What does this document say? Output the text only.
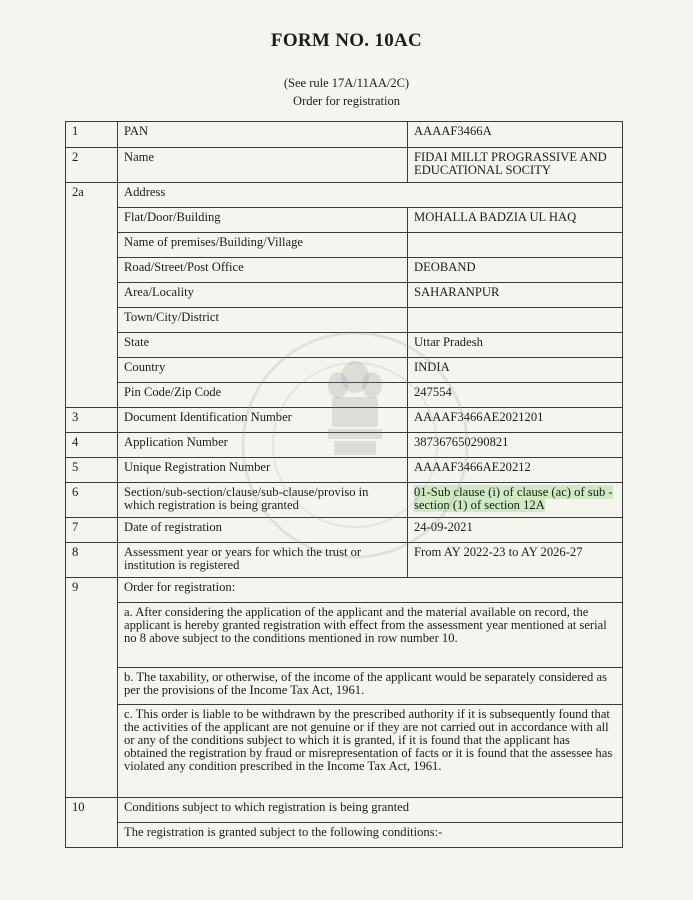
FORM NO. 10AC
(See rule 17A/11AA/2C)
Order for registration
1	PAN	AAAAF3466A
2	Name	FIDAI MILLT PROGRASSIVE AND EDUCATIONAL SOCITY
2a	Address	
	Flat/Door/Building	MOHALLA BADZIA UL HAQ
	Name of premises/Building/Village	
	Road/Street/Post Office	DEOBAND
	Area/Locality	SAHARANPUR
	Town/City/District	
	State	Uttar Pradesh
	Country	INDIA
	Pin Code/Zip Code	247554
3	Document Identification Number	AAAAF3466AE2021201
4	Application Number	387367650290821
5	Unique Registration Number	AAAAF3466AE20212
6	Section/sub-section/clause/sub-clause/proviso in which registration is being granted	01-Sub clause (i) of clause (ac) of sub -section (1) of section 12A
7	Date of registration	24-09-2021
8	Assessment year or years for which the trust or institution is registered	From AY 2022-23 to AY 2026-27
9	Order for registration:	
	a. After considering the application of the applicant and the material available on record, the applicant is hereby granted registration with effect from the assessment year mentioned at serial no 8 above subject to the conditions mentioned in row number 10.	
	b. The taxability, or otherwise, of the income of the applicant would be separately considered as per the provisions of the Income Tax Act, 1961.	
	c. This order is liable to be withdrawn by the prescribed authority if it is subsequently found that the activities of the applicant are not genuine or if they are not carried out in accordance with all or any of the conditions subject to which it is granted, if it is found that the applicant has obtained the registration by fraud or misrepresentation of facts or it is found that the assessee has violated any condition prescribed in the Income Tax Act, 1961.	
10	Conditions subject to which registration is being granted	
	The registration is granted subject to the following conditions:-	
